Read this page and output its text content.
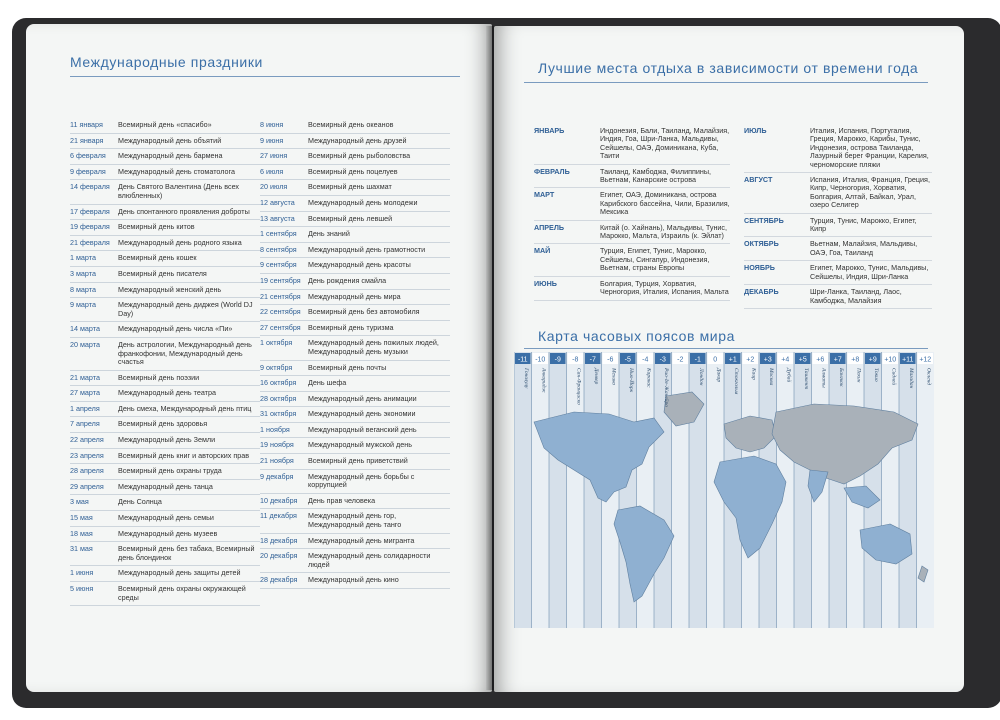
Международные праздники	Лучшие места отдыха в зависимости от времени года
Карта часовых поясов мира
11 января	Всемирный день «спасибо»
21 января	Международный день объятий
6 февраля	Международный день бармена
9 февраля	Международный день стоматолога
14 февраля	День Святого Валентина (День всех влюбленных)
17 февраля	День спонтанного проявления доброты
19 февраля	Всемирный день китов
21 февраля	Международный день родного языка
1 марта	Всемирный день кошек
3 марта	Всемирный день писателя
8 марта	Международный женский день
9 марта	Международный день диджея (World DJ Day)
14 марта	Международный день числа «Пи»
20 марта	День астрологии, Международный день франкофонии, Международный день счастья
21 марта	Всемирный день поэзии
27 марта	Международный день театра
1 апреля	День смеха, Международный день птиц
7 апреля	Всемирный день здоровья
22 апреля	Международный день Земли
23 апреля	Всемирный день книг и авторских прав
28 апреля	Всемирный день охраны труда
29 апреля	Международный день танца
3 мая	День Солнца
15 мая	Международный день семьи
18 мая	Международный день музеев
31 мая	Всемирный день без табака, Всемирный день блондинок
1 июня	Международный день защиты детей
5 июня	Всемирный день охраны окружающей среды
8 июня	Всемирный день океанов
9 июня	Международный день друзей
27 июня	Всемирный день рыболовства
6 июля	Всемирный день поцелуев
20 июля	Всемирный день шахмат
12 августа	Международный день молодежи
13 августа	Всемирный день левшей
1 сентября	День знаний
8 сентября	Международный день грамотности
9 сентября	Международный день красоты
19 сентября	День рождения смайла
21 сентября	Международный день мира
22 сентября	Всемирный день без автомобиля
27 сентября	Всемирный день туризма
1 октября	Международный день пожилых людей, Международный день музыки
9 октября	Всемирный день почты
16 октября	День шефа
28 октября	Международный день анимации
31 октября	Международный день экономии
1 ноября	Международный веганский день
19 ноября	Международный мужской день
21 ноября	Всемирный день приветствий
9 декабря	Международный день борьбы с коррупцией
10 декабря	День прав человека
11 декабря	Международный день гор, Международный день танго
18 декабря	Международный день мигранта
20 декабря	Международный день солидарности людей
28 декабря	Международный день кино
ЯНВАРЬ	Индонезия, Бали, Таиланд, Малайзия, Индия, Гоа, Шри-Ланка, Мальдивы, Сейшелы, ОАЭ, Доминикана, Куба, Таити
ФЕВРАЛЬ	Таиланд, Камбоджа, Филиппины, Вьетнам, Канарские острова
МАРТ	Египет, ОАЭ, Доминикана, острова Карибского бассейна, Чили, Бразилия, Мексика
АПРЕЛЬ	Китай (о. Хайнань), Мальдивы, Тунис, Марокко, Мальта, Израиль (к. Эйлат)
МАЙ	Турция, Египет, Тунис, Марокко, Сейшелы, Сингапур, Индонезия, Вьетнам, страны Европы
ИЮНЬ	Болгария, Турция, Хорватия, Черногория, Италия, Испания, Мальта
ИЮЛЬ	Италия, Испания, Португалия, Греция, Марокко, Карибы, Тунис, Индонезия, острова Таиланда, Лазурный берег Франции, Карелия, черноморские пляжи
АВГУСТ	Испания, Италия, Франция, Греция, Кипр, Черногория, Хорватия, Болгария, Алтай, Байкал, Урал, озеро Селигер
СЕНТЯБРЬ	Турция, Тунис, Марокко, Египет, Кипр
ОКТЯБРЬ	Вьетнам, Малайзия, Мальдивы, ОАЭ, Гоа, Таиланд
НОЯБРЬ	Египет, Марокко, Тунис, Мальдивы, Сейшелы, Индия, Шри-Ланка
ДЕКАБРЬ	Шри-Ланка, Таиланд, Лаос, Камбоджа, Малайзия
-11
Гонолулу
-10
Анкоридж
-9 -8
Сан-Франциско
-7
Денвер
-6
Мехико
-5
Нью-Йорк
-4
Каракас
-3
Рио-де-Жанейро
-2 -1
Лондон
0
Дакар
+1
Стокгольм
+2
Каир
+3
Москва
+4
Дубай
+5
Ташкент
+6
Алматы
+7
Бангкок
+8
Пекин
+9
Токио
+10
Сидней
+11
Магадан
+12
Окленд
